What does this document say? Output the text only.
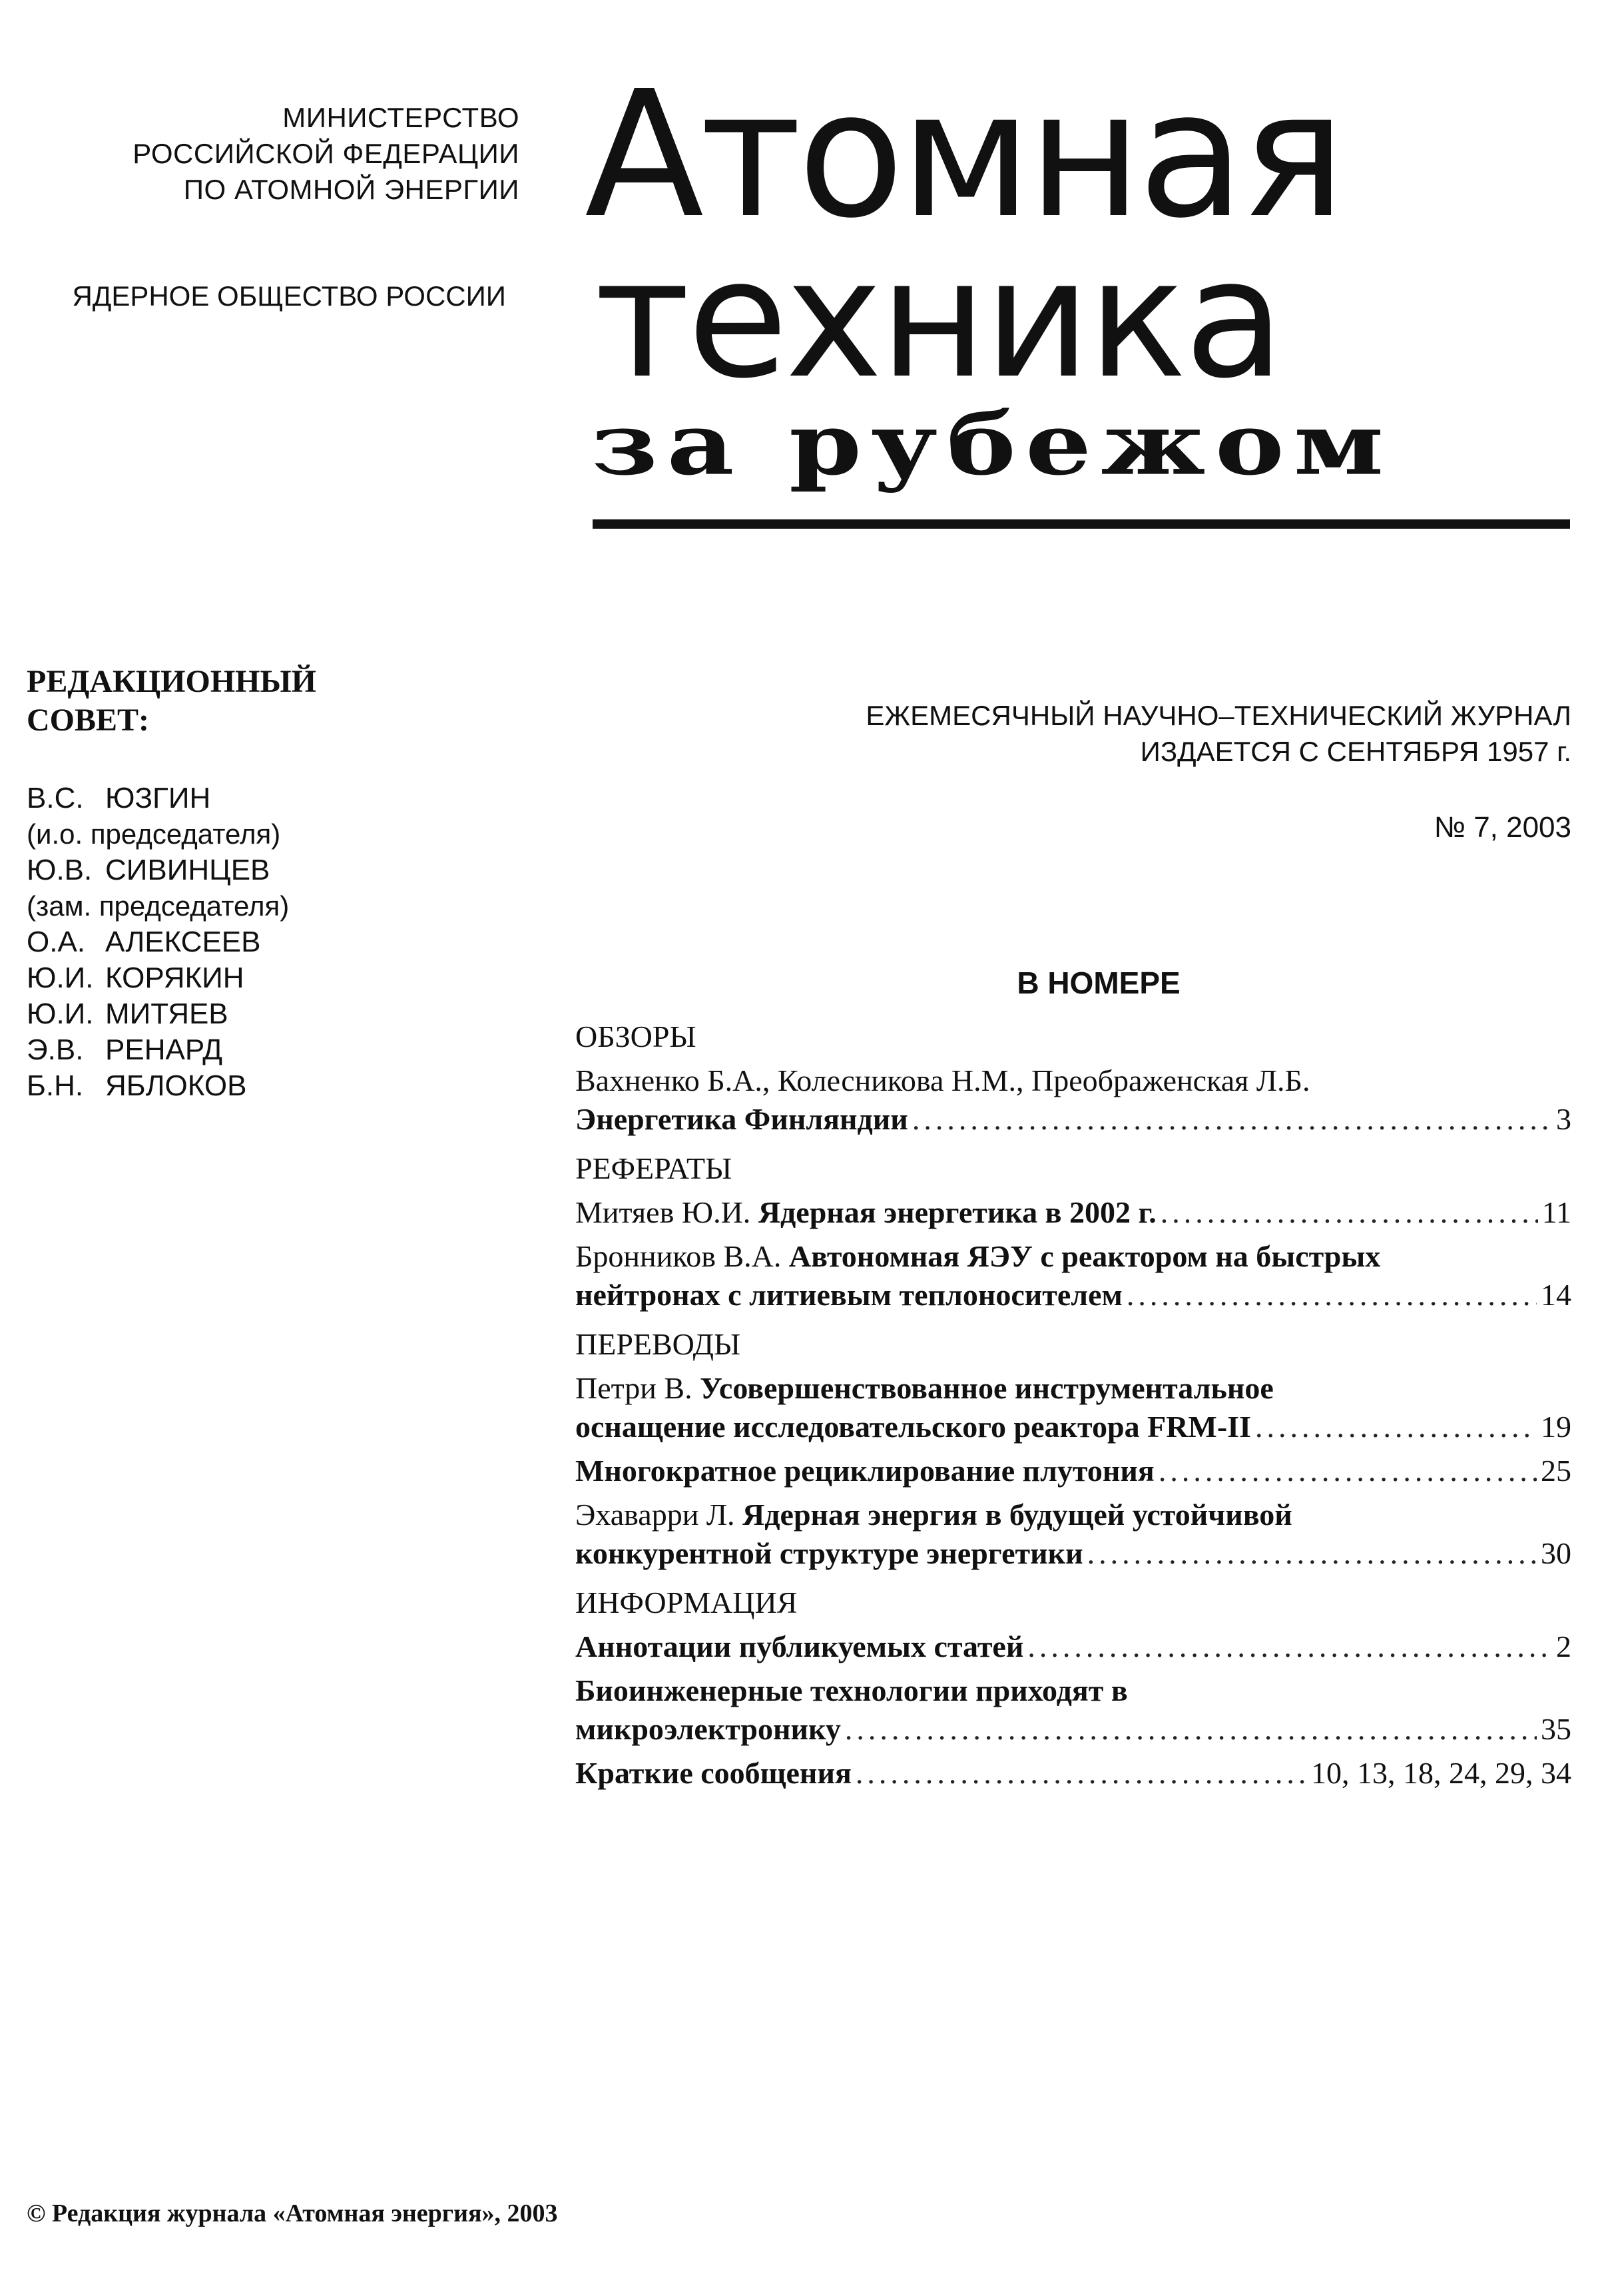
МИНИСТЕРСТВО
РОССИЙСКОЙ ФЕДЕРАЦИИ
ПО АТОМНОЙ ЭНЕРГИИ
ЯДЕРНОЕ ОБЩЕСТВО РОССИИ
Атомная
техника
за рубежом
РЕДАКЦИОННЫЙ
СОВЕТ:
В.С. ЮЗГИН
(и.о. председателя)
Ю.В. СИВИНЦЕВ
(зам. председателя)
О.А. АЛЕКСЕЕВ
Ю.И. КОРЯКИН
Ю.И. МИТЯЕВ
Э.В. РЕНАРД
Б.Н. ЯБЛОКОВ
ЕЖЕМЕСЯЧНЫЙ НАУЧНО–ТЕХНИЧЕСКИЙ ЖУРНАЛ
ИЗДАЕТСЯ С СЕНТЯБРЯ 1957 г.
№ 7, 2003
В НОМЕРЕ
ОБЗОРЫ
Вахненко Б.А., Колесникова Н.М., Преображенская Л.Б.
Энергетика Финляндии .....	3
РЕФЕРАТЫ
Митяев Ю.И. Ядерная энергетика в 2002 г. .....	11
Бронников В.А. Автономная ЯЭУ с реактором на быстрых
нейтронах с литиевым теплоносителем .....	14
ПЕРЕВОДЫ
Петри В. Усовершенствованное инструментальное
оснащение исследовательского реактора FRM-II .....	19
Многократное рециклирование плутония .....	25
Эхаварри Л. Ядерная энергия в будущей устойчивой
конкурентной структуре энергетики .....	30
ИНФОРМАЦИЯ
Аннотации публикуемых статей .....	2
Биоинженерные технологии приходят в
микроэлектронику .....	35
Краткие сообщения .....	10, 13, 18, 24, 29, 34
© Редакция журнала «Атомная энергия», 2003
